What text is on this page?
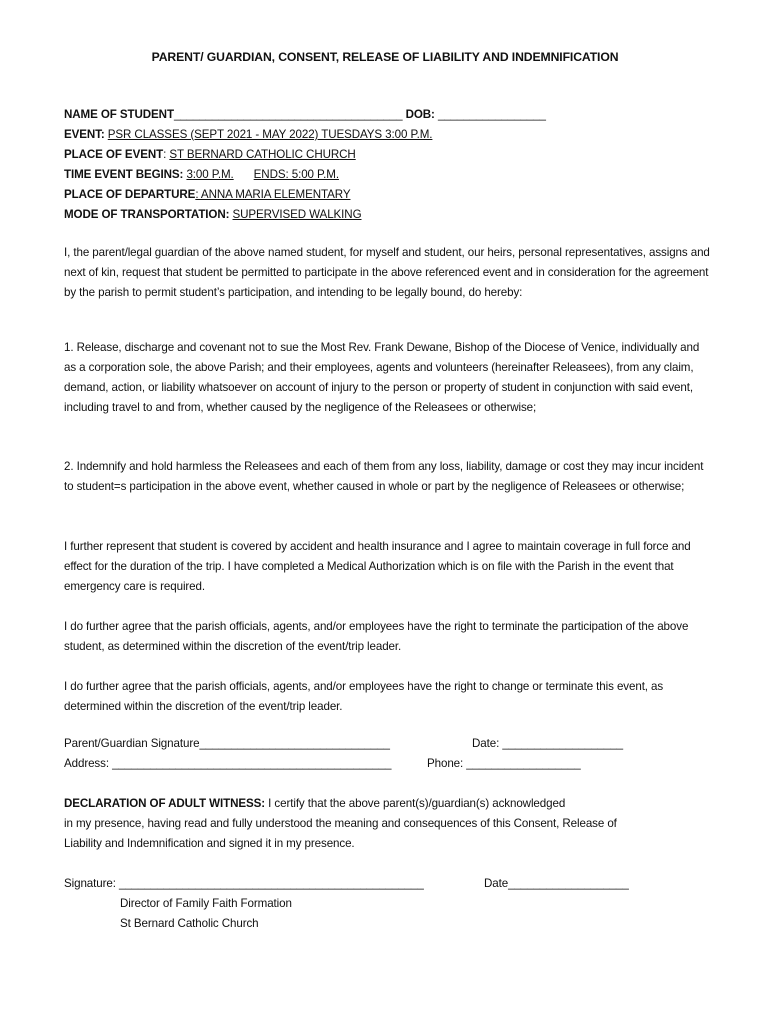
PARENT/ GUARDIAN, CONSENT, RELEASE OF LIABILITY AND INDEMNIFICATION
NAME OF STUDENT____________________________________ DOB: _________________
EVENT: PSR CLASSES (SEPT 2021 - MAY 2022) TUESDAYS 3:00 P.M.
PLACE OF EVENT: ST BERNARD CATHOLIC CHURCH
TIME EVENT BEGINS: 3:00 P.M. ENDS: 5:00 P.M.
PLACE OF DEPARTURE: ANNA MARIA ELEMENTARY
MODE OF TRANSPORTATION: SUPERVISED WALKING

I, the parent/legal guardian of the above named student, for myself and student, our heirs, personal representatives, assigns and next of kin, request that student be permitted to participate in the above referenced event and in consideration for the agreement by the parish to permit student’s participation, and intending to be legally bound, do hereby:

1. Release, discharge and covenant not to sue the Most Rev. Frank Dewane, Bishop of the Diocese of Venice, individually and as a corporation sole, the above Parish; and their employees, agents and volunteers (hereinafter Releasees), from any claim, demand, action, or liability whatsoever on account of injury to the person or property of student in conjunction with said event, including travel to and from, whether caused by the negligence of the Releasees or otherwise;

2. Indemnify and hold harmless the Releasees and each of them from any loss, liability, damage or cost they may incur incident to student=s participation in the above event, whether caused in whole or part by the negligence of Releasees or otherwise;

I further represent that student is covered by accident and health insurance and I agree to maintain coverage in full force and effect for the duration of the trip. I have completed a Medical Authorization which is on file with the Parish in the event that emergency care is required.

I do further agree that the parish officials, agents, and/or employees have the right to terminate the participation of the above student, as determined within the discretion of the event/trip leader.

I do further agree that the parish officials, agents, and/or employees have the right to change or terminate this event, as determined within the discretion of the event/trip leader.

Parent/Guardian Signature______________________________	Date: ___________________
Address: ____________________________________________	Phone: __________________
DECLARATION OF ADULT WITNESS: I certify that the above parent(s)/guardian(s) acknowledged
in my presence, having read and fully understood the meaning and consequences of this Consent, Release of
Liability and Indemnification and signed it in my presence.
Signature: ________________________________________________	Date___________________
Director of Family Faith Formation
St Bernard Catholic Church
